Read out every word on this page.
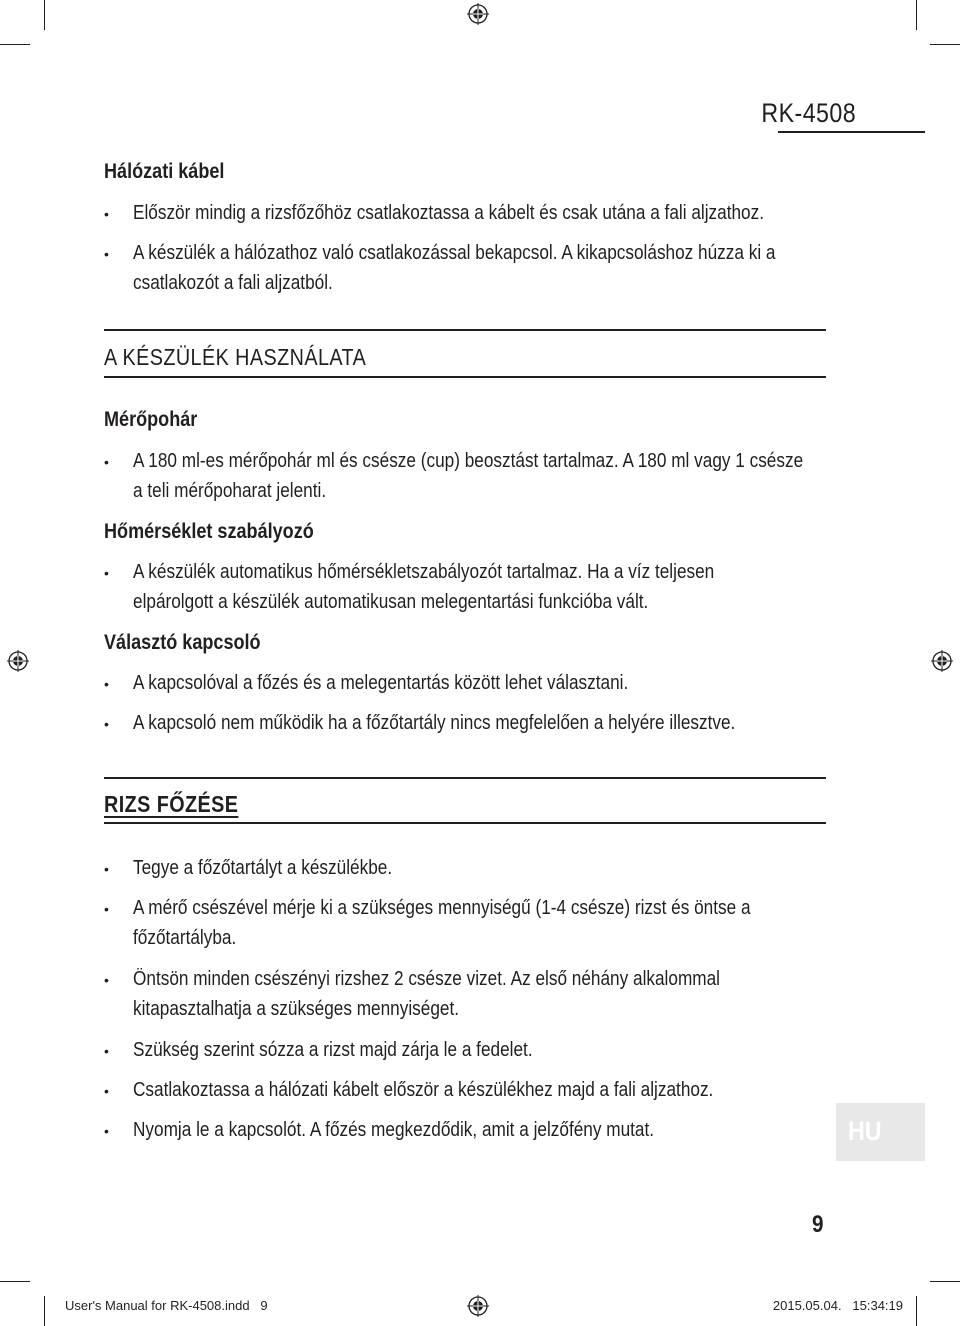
RK-4508
Hálózati kábel
• Először mindig a rizsfőzőhöz csatlakoztassa a kábelt és csak utána a fali aljzathoz.
• A készülék a hálózathoz való csatlakozással bekapcsol. A kikapcsoláshoz húzza ki a
csatlakozót a fali aljzatból.
A KÉSZÜLÉK HASZNÁLATA
Mérőpohár
• A 180 ml-es mérőpohár ml és csésze (cup) beosztást tartalmaz. A 180 ml vagy 1 csésze
a teli mérőpoharat jelenti.
Hőmérséklet szabályozó
• A készülék automatikus hőmérsékletszabályozót tartalmaz. Ha a víz teljesen
elpárolgott a készülék automatikusan melegentartási funkcióba vált.
Választó kapcsoló
• A kapcsolóval a főzés és a melegentartás között lehet választani.
• A kapcsoló nem működik ha a főzőtartály nincs megfelelően a helyére illesztve.
RIZS FŐZÉSE
• Tegye a főzőtartályt a készülékbe.
• A mérő csészével mérje ki a szükséges mennyiségű (1-4 csésze) rizst és öntse a
főzőtartályba.
• Öntsön minden csészényi rizshez 2 csésze vizet. Az első néhány alkalommal
kitapasztalhatja a szükséges mennyiséget.
• Szükség szerint sózza a rizst majd zárja le a fedelet.
• Csatlakoztassa a hálózati kábelt először a készülékhez majd a fali aljzathoz.
• Nyomja le a kapcsolót. A főzés megkezdődik, amit a jelzőfény mutat.	HU
9
User's Manual for RK-4508.indd   9	2015.05.04.   15:34:19
